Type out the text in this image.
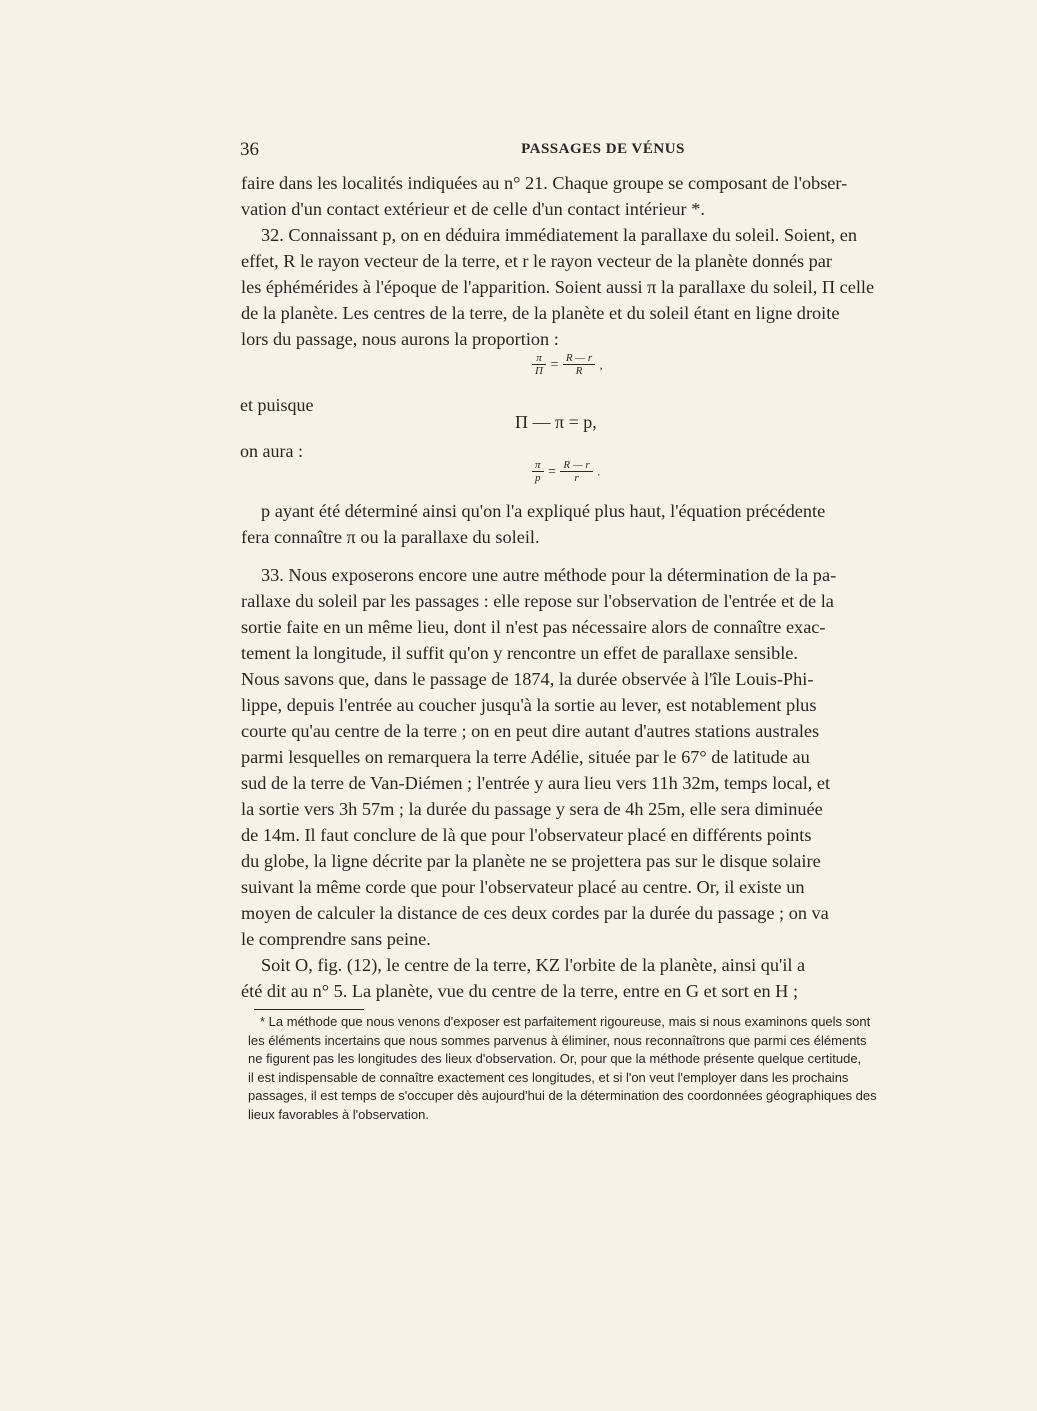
36	PASSAGES DE VÉNUS

faire dans les localités indiquées au n° 21. Chaque groupe se composant de l'obser-

vation d'un contact extérieur et de celle d'un contact intérieur *.

32. Connaissant p, on en déduira immédiatement la parallaxe du soleil. Soient, en

effet, R le rayon vecteur de la terre, et r le rayon vecteur de la planète donnés par

les éphémérides à l'époque de l'apparition. Soient aussi π la parallaxe du soleil, Π celle

de la planète. Les centres de la terre, de la planète et du soleil étant en ligne droite

lors du passage, nous aurons la proportion :

$\frac{\pi}{\Pi} = \frac{R — r}{R}$ ,
et puisque
Π — π = p,
on aura :
$\frac{\pi}{p} = \frac{R — r}{r}$ .

p ayant été déterminé ainsi qu'on l'a expliqué plus haut, l'équation précédente

fera connaître π ou la parallaxe du soleil.

33. Nous exposerons encore une autre méthode pour la détermination de la pa-

rallaxe du soleil par les passages : elle repose sur l'observation de l'entrée et de la

sortie faite en un même lieu, dont il n'est pas nécessaire alors de connaître exac-

tement la longitude, il suffit qu'on y rencontre un effet de parallaxe sensible.

Nous savons que, dans le passage de 1874, la durée observée à l'île Louis-Phi-

lippe, depuis l'entrée au coucher jusqu'à la sortie au lever, est notablement plus

courte qu'au centre de la terre ; on en peut dire autant d'autres stations australes

parmi lesquelles on remarquera la terre Adélie, située par le 67° de latitude au

sud de la terre de Van-Diémen ; l'entrée y aura lieu vers 11h 32m, temps local, et

la sortie vers 3h 57m ; la durée du passage y sera de 4h 25m, elle sera diminuée

de 14m. Il faut conclure de là que pour l'observateur placé en différents points

du globe, la ligne décrite par la planète ne se projettera pas sur le disque solaire

suivant la même corde que pour l'observateur placé au centre. Or, il existe un

moyen de calculer la distance de ces deux cordes par la durée du passage ; on va

le comprendre sans peine.

Soit O, fig. (12), le centre de la terre, KZ l'orbite de la planète, ainsi qu'il a

été dit au n° 5. La planète, vue du centre de la terre, entre en G et sort en H ;

* La méthode que nous venons d'exposer est parfaitement rigoureuse, mais si nous examinons quels sont
les éléments incertains que nous sommes parvenus à éliminer, nous reconnaîtrons que parmi ces éléments
ne figurent pas les longitudes des lieux d'observation. Or, pour que la méthode présente quelque certitude,
il est indispensable de connaître exactement ces longitudes, et si l'on veut l'employer dans les prochains
passages, il est temps de s'occuper dès aujourd'hui de la détermination des coordonnées géographiques des
lieux favorables à l'observation.
